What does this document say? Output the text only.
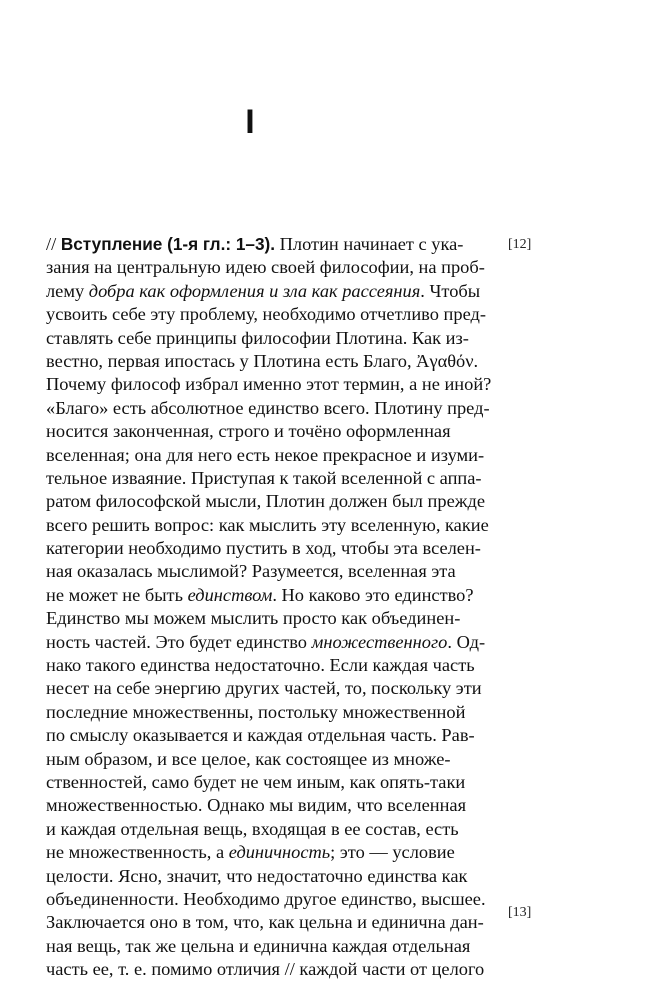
I
[12]
[13]
// Вступление (1-я гл.: 1–3). Плотин начинает с ука-
зания на центральную идею своей философии, на проб-
лему добра как оформления и зла как рассеяния. Чтобы
усвоить себе эту проблему, необходимо отчетливо пред-
ставлять себе принципы философии Плотина. Как из-
вестно, первая ипостась у Плотина есть Благо, Ἀγαθόν.
Почему философ избрал именно этот термин, а не иной?
«Благо» есть абсолютное единство всего. Плотину пред-
носится законченная, строго и точёно оформленная
вселенная; она для него есть некое прекрасное и изуми-
тельное изваяние. Приступая к такой вселенной с аппа-
ратом философской мысли, Плотин должен был прежде
всего решить вопрос: как мыслить эту вселенную, какие
категории необходимо пустить в ход, чтобы эта вселен-
ная оказалась мыслимой? Разумеется, вселенная эта
не может не быть единством. Но каково это единство?
Единство мы можем мыслить просто как объединен-
ность частей. Это будет единство множественного. Од-
нако такого единства недостаточно. Если каждая часть
несет на себе энергию других частей, то, поскольку эти
последние множественны, постольку множественной
по смыслу оказывается и каждая отдельная часть. Рав-
ным образом, и все целое, как состоящее из множе-
ственностей, само будет не чем иным, как опять-таки
множественностью. Однако мы видим, что вселенная
и каждая отдельная вещь, входящая в ее состав, есть
не множественность, а единичность; это — условие
целости. Ясно, значит, что недостаточно единства как
объединенности. Необходимо другое единство, высшее.
Заключается оно в том, что, как цельна и единична дан-
ная вещь, так же цельна и единична каждая отдельная
часть ее, т. е. помимо отличия // каждой части от целого
